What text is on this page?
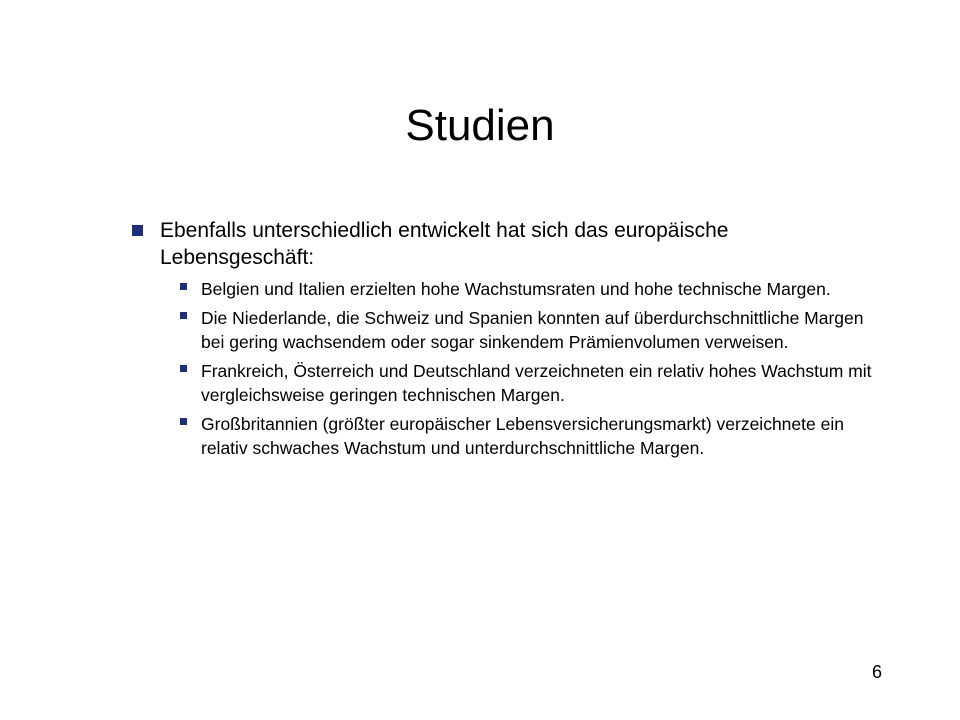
Studien
Ebenfalls unterschiedlich entwickelt hat sich das europäische Lebensgeschäft:
Belgien und Italien erzielten hohe Wachstumsraten und hohe technische Margen.
Die Niederlande, die Schweiz und Spanien konnten auf überdurchschnittliche Margen bei gering wachsendem oder sogar sinkendem Prämienvolumen verweisen.
Frankreich, Österreich und Deutschland verzeichneten ein relativ hohes Wachstum mit vergleichsweise geringen technischen Margen.
Großbritannien (größter europäischer Lebensversicherungsmarkt) verzeichnete ein relativ schwaches Wachstum und unterdurchschnittliche Margen.
6
